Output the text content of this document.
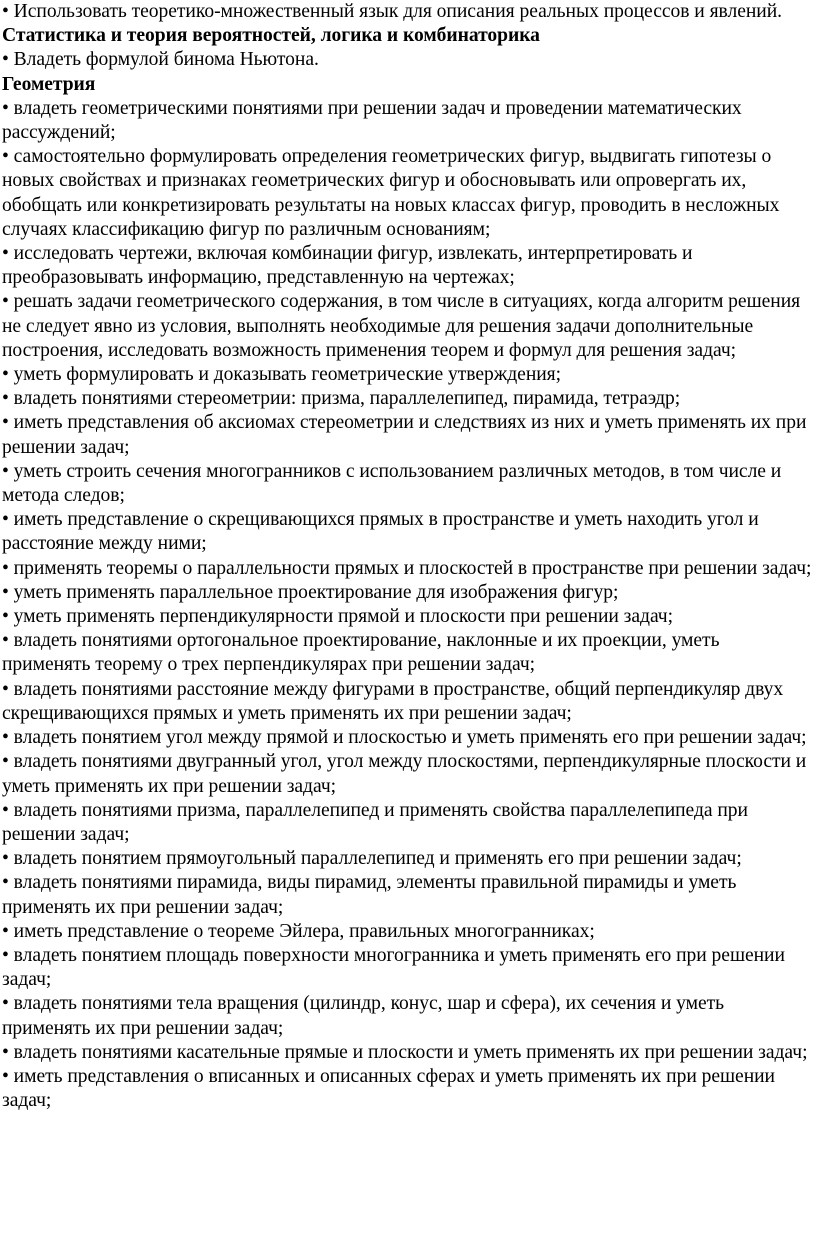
• Использовать теоретико-множественный язык для описания реальных процессов и явлений.

Статистика и теория вероятностей, логика и комбинаторика

• Владеть формулой бинома Ньютона.

Геометрия

• владеть геометрическими понятиями при решении задач и проведении математических рассуждений;

• самостоятельно формулировать определения геометрических фигур, выдвигать гипотезы о новых свойствах и признаках геометрических фигур и обосновывать или опровергать их, обобщать или конкретизировать результаты на новых классах фигур, проводить в несложных случаях классификацию фигур по различным основаниям;

• исследовать чертежи, включая комбинации фигур, извлекать, интерпретировать и преобразовывать информацию, представленную на чертежах;

• решать задачи геометрического содержания, в том числе в ситуациях, когда алгоритм решения не следует явно из условия, выполнять необходимые для решения задачи дополнительные построения, исследовать возможность применения теорем и формул для решения задач;

• уметь формулировать и доказывать геометрические утверждения;

• владеть понятиями стереометрии: призма, параллелепипед, пирамида, тетраэдр;

• иметь представления об аксиомах стереометрии и следствиях из них и уметь применять их при решении задач;

• уметь строить сечения многогранников с использованием различных методов, в том числе и метода следов;

• иметь представление о скрещивающихся прямых в пространстве и уметь находить угол и расстояние между ними;

• применять теоремы о параллельности прямых и плоскостей в пространстве при решении задач;

• уметь применять параллельное проектирование для изображения фигур;

• уметь применять перпендикулярности прямой и плоскости при решении задач;

• владеть понятиями ортогональное проектирование, наклонные и их проекции, уметь применять теорему о трех перпендикулярах при решении задач;

• владеть понятиями расстояние между фигурами в пространстве, общий перпендикуляр двух скрещивающихся прямых и уметь применять их при решении задач;

• владеть понятием угол между прямой и плоскостью и уметь применять его при решении задач;

• владеть понятиями двугранный угол, угол между плоскостями, перпендикулярные плоскости и уметь применять их при решении задач;

• владеть понятиями призма, параллелепипед и применять свойства параллелепипеда при решении задач;

• владеть понятием прямоугольный параллелепипед и применять его при решении задач;

• владеть понятиями пирамида, виды пирамид, элементы правильной пирамиды и уметь применять их при решении задач;

• иметь представление о теореме Эйлера, правильных многогранниках;

• владеть понятием площадь поверхности многогранника и уметь применять его при решении задач;

• владеть понятиями тела вращения (цилиндр, конус, шар и сфера), их сечения и уметь применять их при решении задач;

• владеть понятиями касательные прямые и плоскости и уметь применять их при решении задач;

• иметь представления о вписанных и описанных сферах и уметь применять их при решении задач;
